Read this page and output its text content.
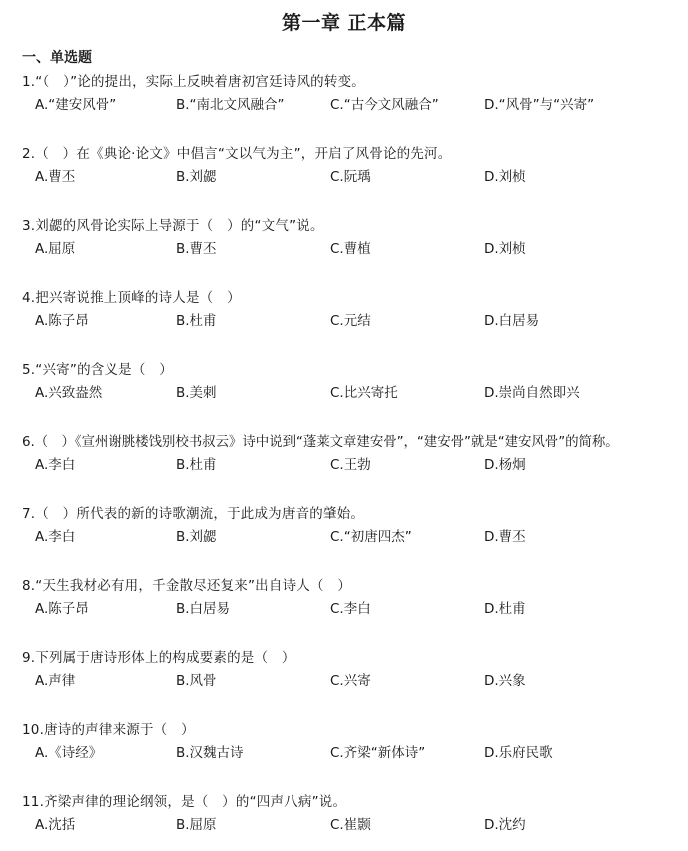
第一章 正本篇
一、单选题
1.“（　）”论的提出，实际上反映着唐初宫廷诗风的转变。
A.“建安风骨”	B.“南北文风融合”	C.“古今文风融合”	D.“风骨”与“兴寄”
2.（　）在《典论·论文》中倡言“文以气为主”，开启了风骨论的先河。
A.曹丕	B.刘勰	C.阮瑀	D.刘桢
3.刘勰的风骨论实际上导源于（　）的“文气”说。
A.屈原	B.曹丕	C.曹植	D.刘桢
4.把兴寄说推上顶峰的诗人是（　）
A.陈子昂	B.杜甫	C.元结	D.白居易
5.“兴寄”的含义是（　）
A.兴致盎然	B.美刺	C.比兴寄托	D.崇尚自然即兴
6.（　）《宣州谢朓楼饯别校书叔云》诗中说到“蓬莱文章建安骨”，“建安骨”就是“建安风骨”的简称。
A.李白	B.杜甫	C.王勃	D.杨炯
7.（　）所代表的新的诗歌潮流，于此成为唐音的肇始。
A.李白	B.刘勰	C.“初唐四杰”	D.曹丕
8.“天生我材必有用，千金散尽还复来”出自诗人（　）
A.陈子昂	B.白居易	C.李白	D.杜甫
9.下列属于唐诗形体上的构成要素的是（　）
A.声律	B.风骨	C.兴寄	D.兴象
10.唐诗的声律来源于（　）
A.《诗经》	B.汉魏古诗	C.齐梁“新体诗”	D.乐府民歌
11.齐梁声律的理论纲领，是（　）的“四声八病”说。
A.沈括	B.屈原	C.崔颢	D.沈约
